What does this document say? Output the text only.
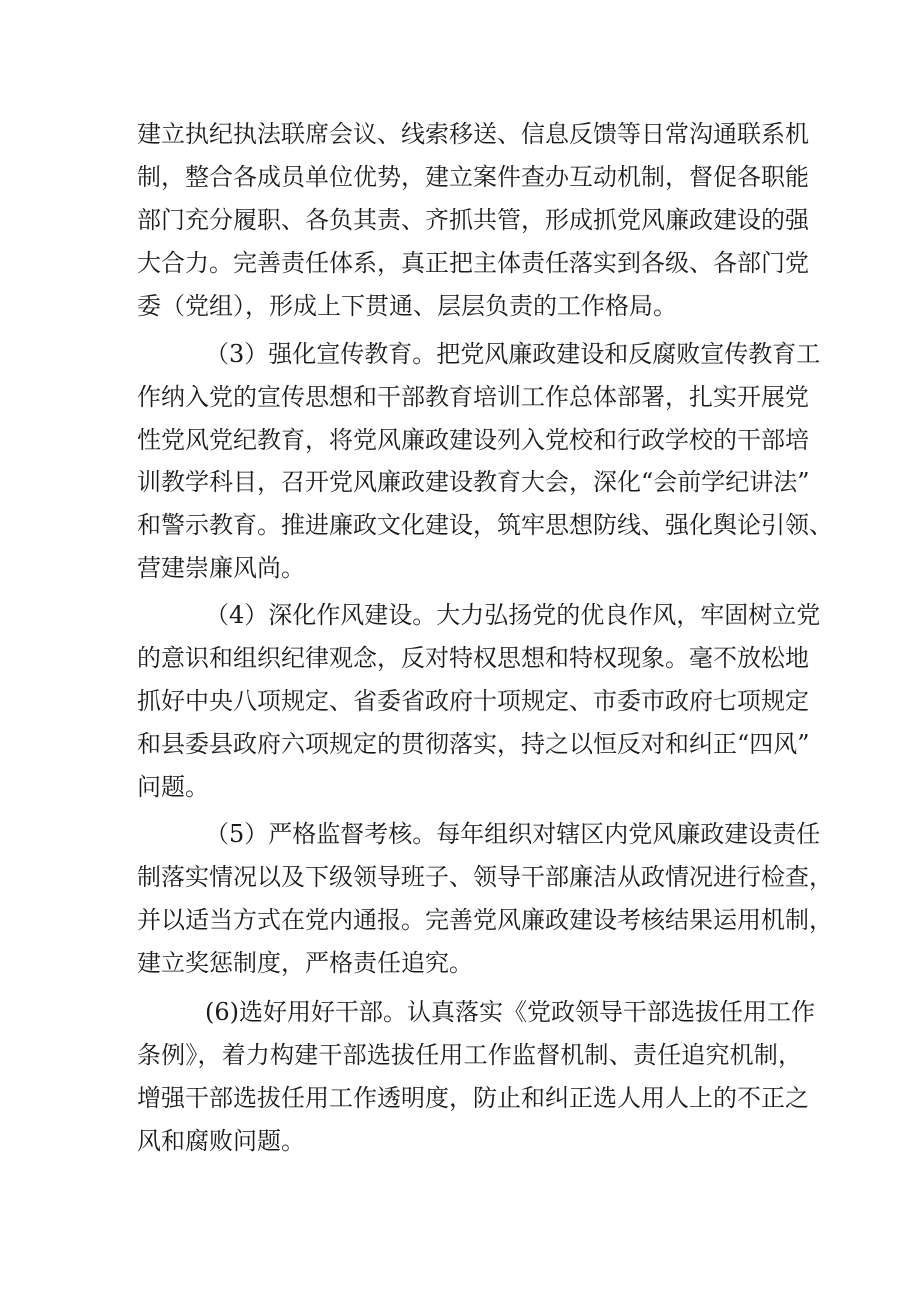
建立执纪执法联席会议、线索移送、信息反馈等日常沟通联系机
制，整合各成员单位优势，建立案件查办互动机制，督促各职能
部门充分履职、各负其责、齐抓共管，形成抓党风廉政建设的强
大合力。完善责任体系，真正把主体责任落实到各级、各部门党
委（党组），形成上下贯通、层层负责的工作格局。
（3）强化宣传教育。把党风廉政建设和反腐败宣传教育工
作纳入党的宣传思想和干部教育培训工作总体部署，扎实开展党
性党风党纪教育，将党风廉政建设列入党校和行政学校的干部培
训教学科目，召开党风廉政建设教育大会，深化“会前学纪讲法”
和警示教育。推进廉政文化建设，筑牢思想防线、强化舆论引领、
营建崇廉风尚。
（4）深化作风建设。大力弘扬党的优良作风，牢固树立党
的意识和组织纪律观念，反对特权思想和特权现象。毫不放松地
抓好中央八项规定、省委省政府十项规定、市委市政府七项规定
和县委县政府六项规定的贯彻落实，持之以恒反对和纠正“四风”
问题。
（5）严格监督考核。每年组织对辖区内党风廉政建设责任
制落实情况以及下级领导班子、领导干部廉洁从政情况进行检查，
并以适当方式在党内通报。完善党风廉政建设考核结果运用机制，
建立奖惩制度，严格责任追究。
(6)选好用好干部。认真落实《党政领导干部选拔任用工作
条例》，着力构建干部选拔任用工作监督机制、责任追究机制，
增强干部选拔任用工作透明度，防止和纠正选人用人上的不正之
风和腐败问题。
